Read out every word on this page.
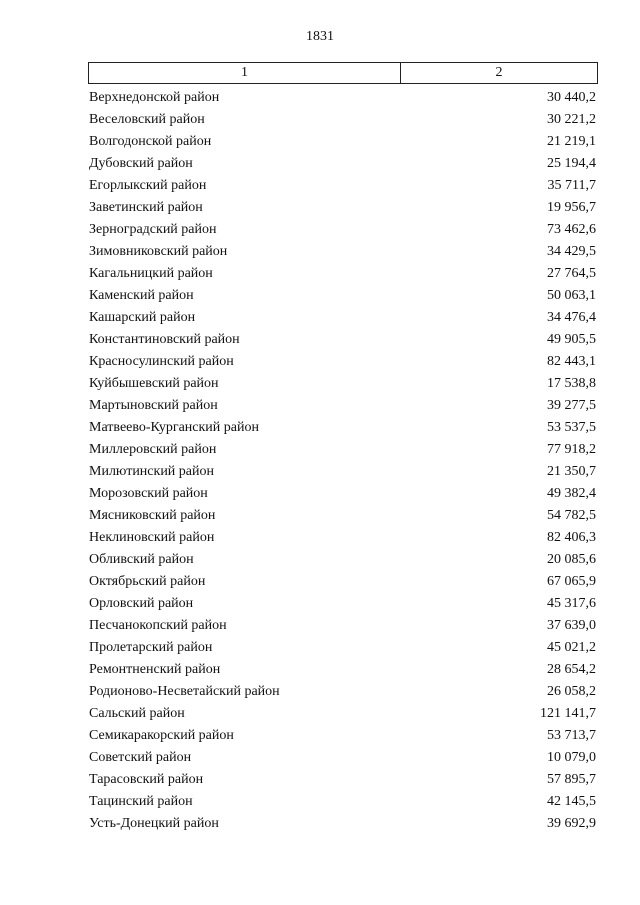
1831
1	2
Верхнедонской район	30 440,2
Веселовский район	30 221,2
Волгодонской район	21 219,1
Дубовский район	25 194,4
Егорлыкский район	35 711,7
Заветинский район	19 956,7
Зерноградский район	73 462,6
Зимовниковский район	34 429,5
Кагальницкий район	27 764,5
Каменский район	50 063,1
Кашарский район	34 476,4
Константиновский район	49 905,5
Красносулинский район	82 443,1
Куйбышевский район	17 538,8
Мартыновский район	39 277,5
Матвеево-Курганский район	53 537,5
Миллеровский район	77 918,2
Милютинский район	21 350,7
Морозовский район	49 382,4
Мясниковский район	54 782,5
Неклиновский район	82 406,3
Обливский район	20 085,6
Октябрьский район	67 065,9
Орловский район	45 317,6
Песчанокопский район	37 639,0
Пролетарский район	45 021,2
Ремонтненский район	28 654,2
Родионово-Несветайский район	26 058,2
Сальский район	121 141,7
Семикаракорский район	53 713,7
Советский район	10 079,0
Тарасовский район	57 895,7
Тацинский район	42 145,5
Усть-Донецкий район	39 692,9
